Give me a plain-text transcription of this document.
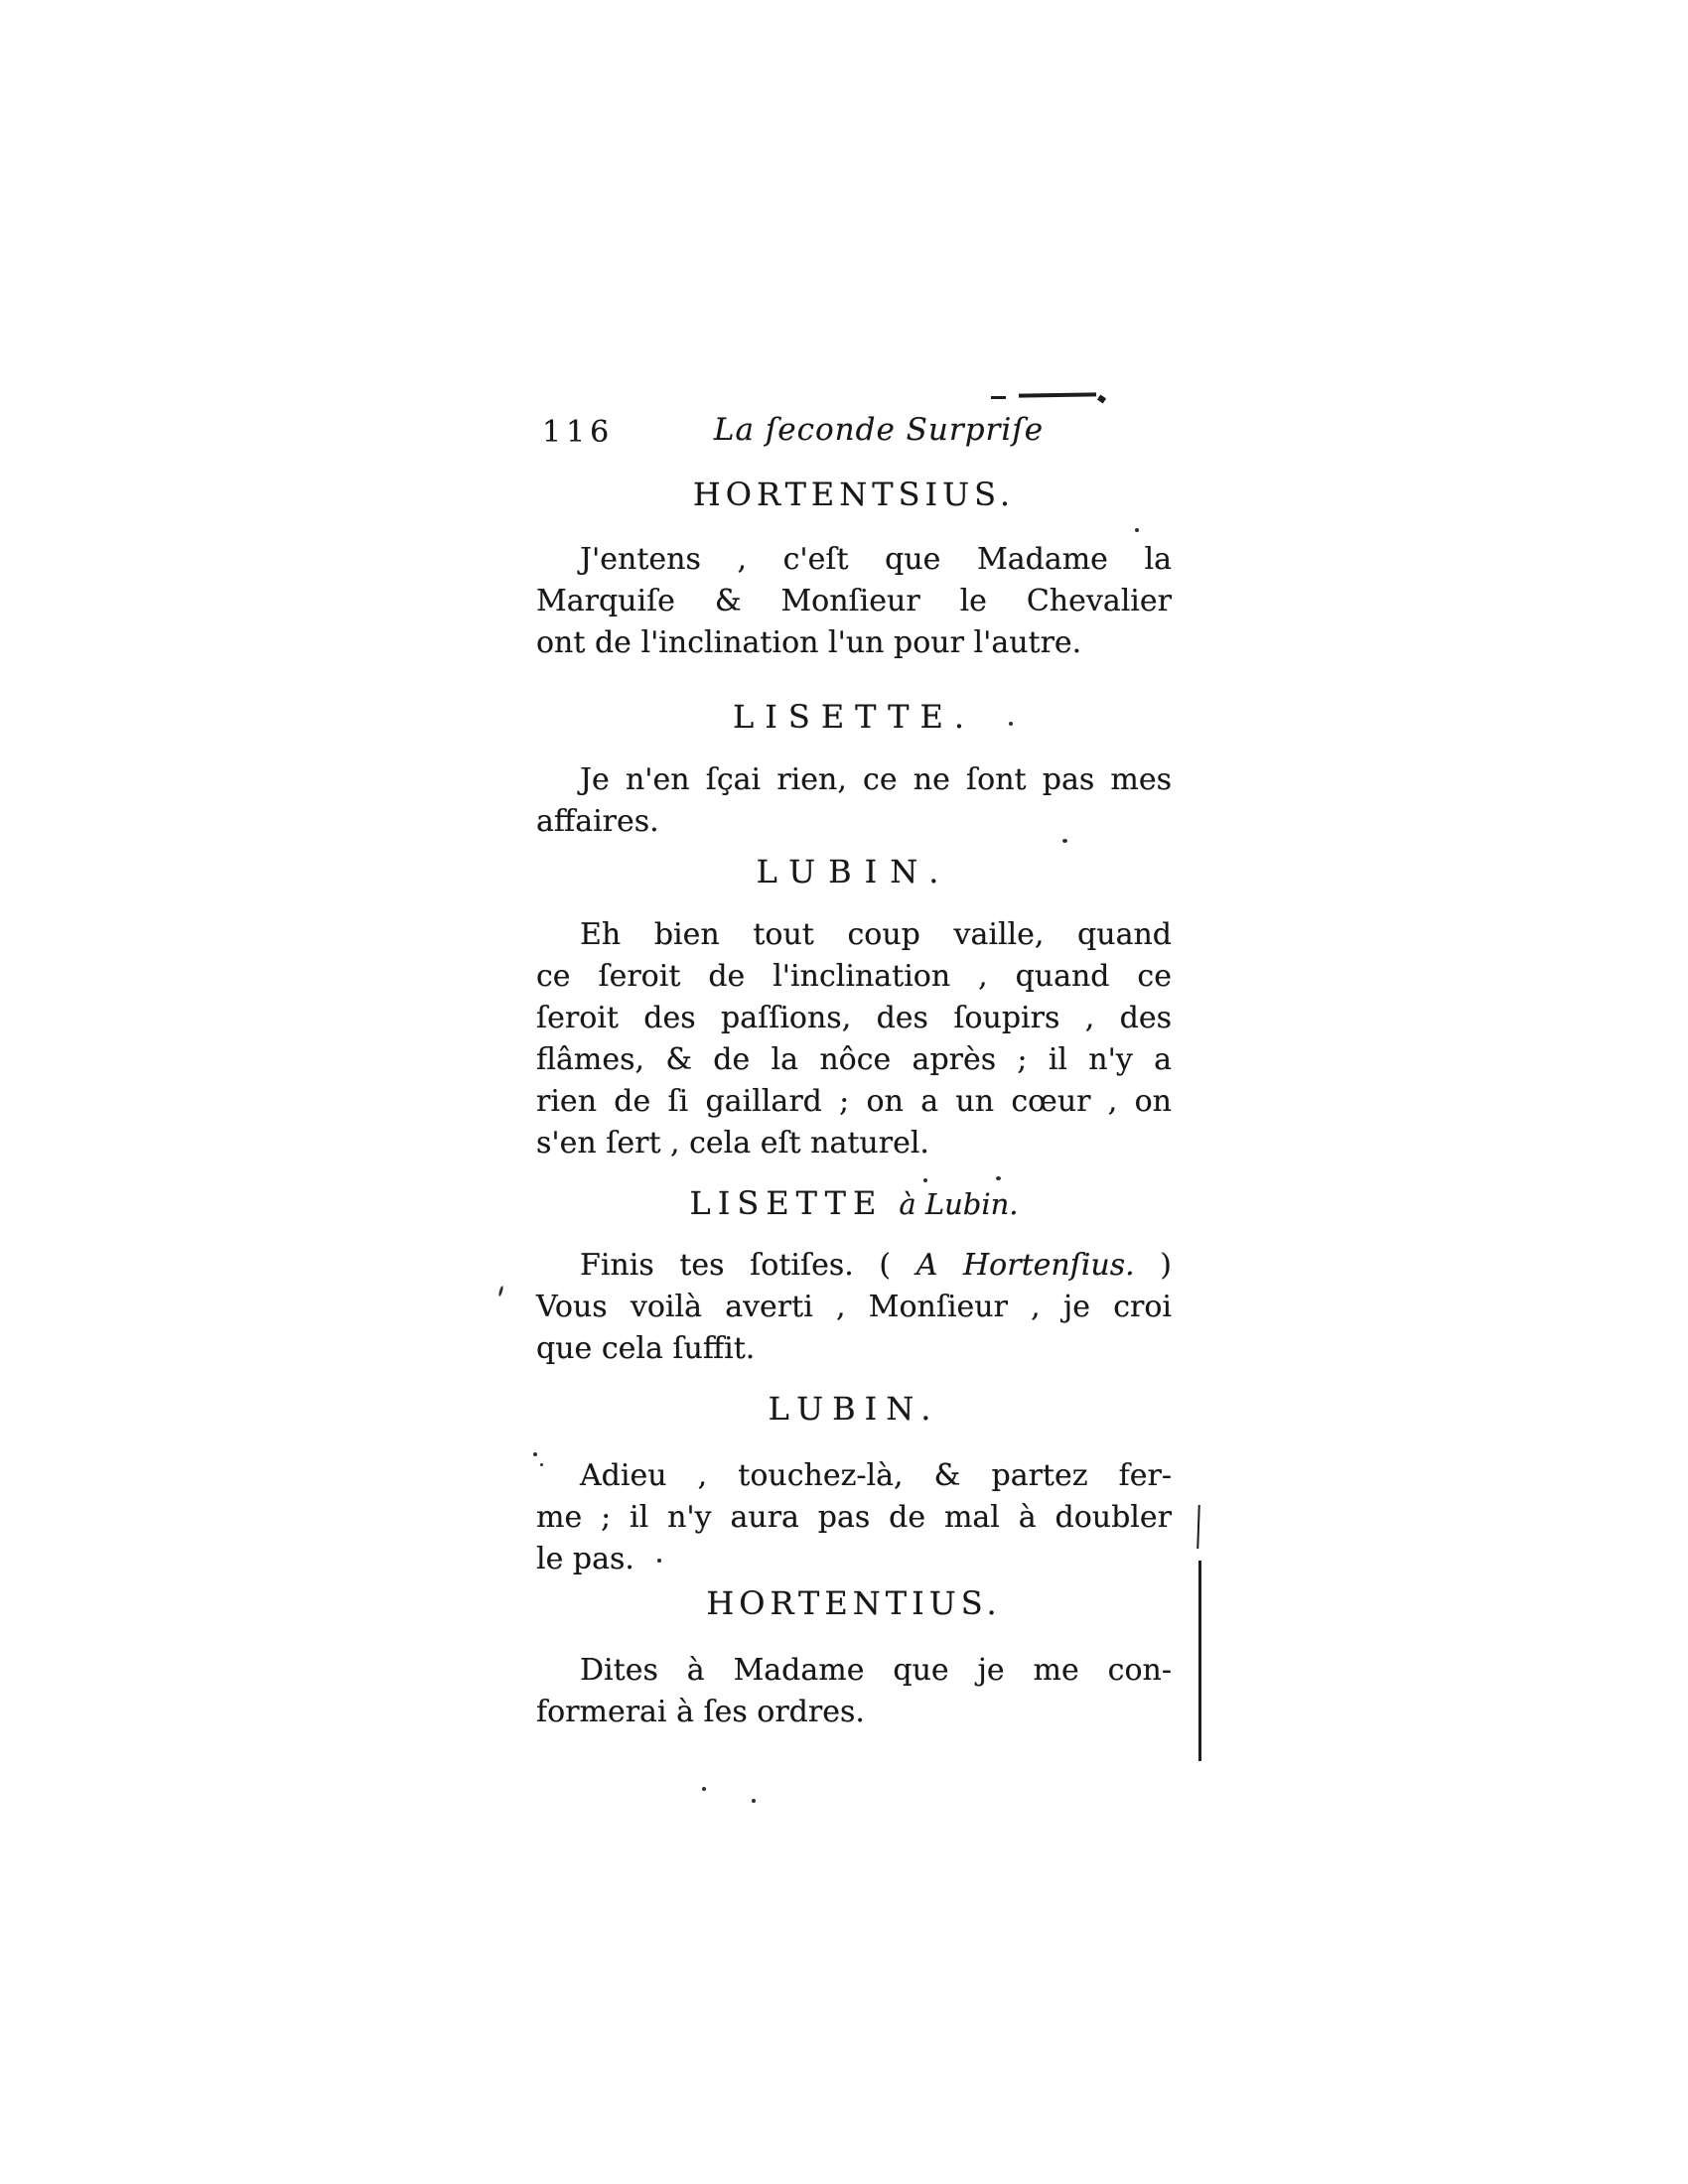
116	La ſeconde Surpriſe
HORTENTSIUS.
J'entens , c'eſt que Madame la
Marquiſe & Monſieur le Chevalier
ont de l'inclination l'un pour l'autre.
LISETTE.
Je n'en ſçai rien, ce ne ſont pas mes
affaires.
LUBIN.
Eh bien tout coup vaille, quand
ce ſeroit de l'inclination , quand ce
ſeroit des paſſions, des ſoupirs , des
flâmes, & de la nôce après ; il n'y a
rien de ſi gaillard ; on a un cœur , on
s'en ſert , cela eſt naturel.
LISETTE à Lubin.
Finis tes ſotiſes. ( A Hortenſius. )
Vous voilà averti , Monſieur , je croi
que cela ſuffit.
LUBIN.
Adieu , touchez-là, & partez fer-
me ; il n'y aura pas de mal à doubler
le pas.
HORTENTIUS.
Dites à Madame que je me con-
formerai à ſes ordres.
